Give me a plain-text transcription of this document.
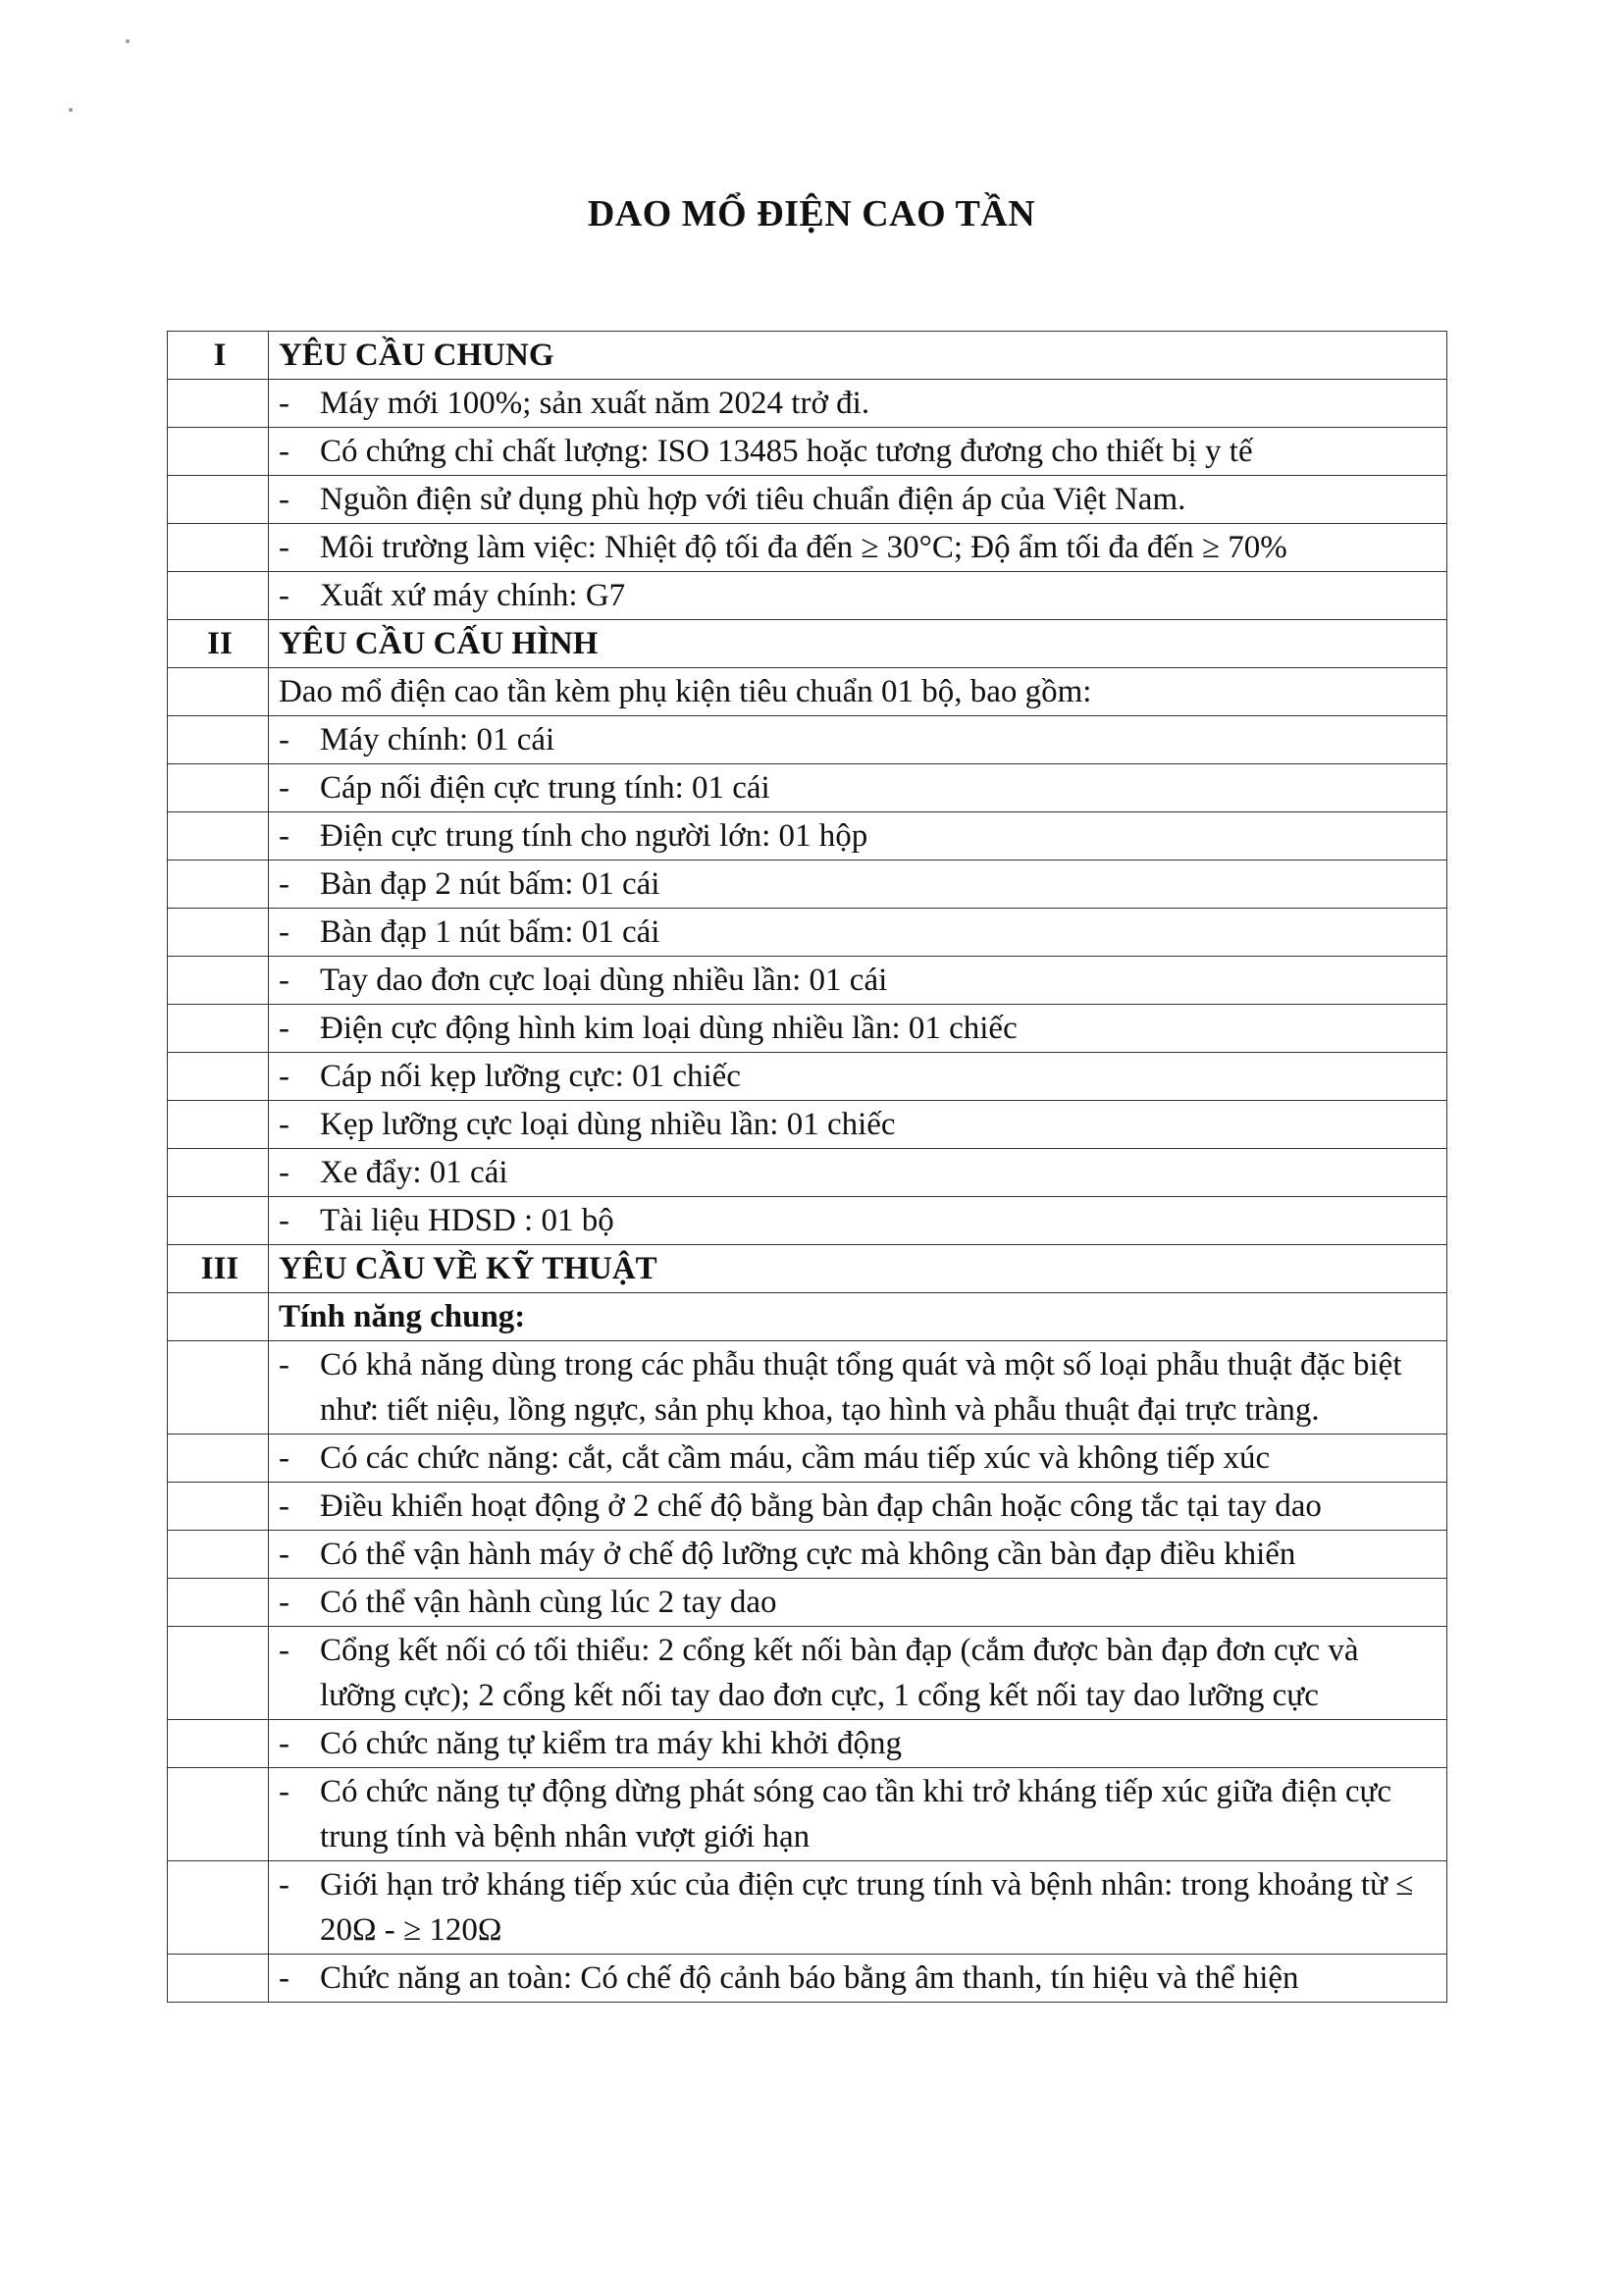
DAO MỔ ĐIỆN CAO TẦN
I	YÊU CẦU CHUNG

	- Máy mới 100%; sản xuất năm 2024 trở đi.

	- Có chứng chỉ chất lượng: ISO 13485 hoặc tương đương cho thiết bị y tế

	- Nguồn điện sử dụng phù hợp với tiêu chuẩn điện áp của Việt Nam.

	- Môi trường làm việc: Nhiệt độ tối đa đến ≥ 30°C; Độ ẩm tối đa đến ≥ 70%

	- Xuất xứ máy chính: G7

II	YÊU CẦU CẤU HÌNH
	Dao mổ điện cao tần kèm phụ kiện tiêu chuẩn 01 bộ, bao gồm:

	- Máy chính: 01 cái

	- Cáp nối điện cực trung tính: 01 cái

	- Điện cực trung tính cho người lớn: 01 hộp

	- Bàn đạp 2 nút bấm: 01 cái

	- Bàn đạp 1 nút bấm: 01 cái

	- Tay dao đơn cực loại dùng nhiều lần: 01 cái

	- Điện cực động hình kim loại dùng nhiều lần: 01 chiếc

	- Cáp nối kẹp lưỡng cực: 01 chiếc

	- Kẹp lưỡng cực loại dùng nhiều lần: 01 chiếc

	- Xe đẩy: 01 cái

	- Tài liệu HDSD : 01 bộ

III	YÊU CẦU VỀ KỸ THUẬT
	Tính năng chung:

	- Có khả năng dùng trong các phẫu thuật tổng quát và một số loại phẫu thuật đặc biệt như: tiết niệu, lồng ngực, sản phụ khoa, tạo hình và phẫu thuật đại trực tràng.

	- Có các chức năng: cắt, cắt cầm máu, cầm máu tiếp xúc và không tiếp xúc

	- Điều khiển hoạt động ở 2 chế độ bằng bàn đạp chân hoặc công tắc tại tay dao

	- Có thể vận hành máy ở chế độ lưỡng cực mà không cần bàn đạp điều khiển

	- Có thể vận hành cùng lúc 2 tay dao

	- Cổng kết nối có tối thiểu: 2 cổng kết nối bàn đạp (cắm được bàn đạp đơn cực và lưỡng cực); 2 cổng kết nối tay dao đơn cực, 1 cổng kết nối tay dao lưỡng cực

	- Có chức năng tự kiểm tra máy khi khởi động

	- Có chức năng tự động dừng phát sóng cao tần khi trở kháng tiếp xúc giữa điện cực trung tính và bệnh nhân vượt giới hạn

	- Giới hạn trở kháng tiếp xúc của điện cực trung tính và bệnh nhân: trong khoảng từ ≤ 20Ω - ≥ 120Ω

	- Chức năng an toàn: Có chế độ cảnh báo bằng âm thanh, tín hiệu và thể hiện
